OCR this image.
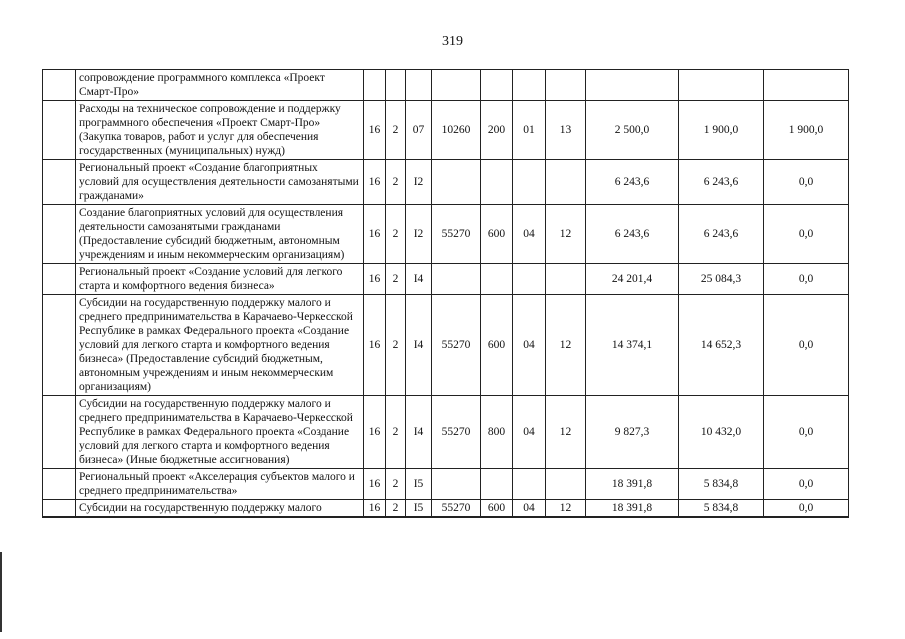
319
	сопровождение программного комплекса «Проект Смарт-Про»										
	Расходы на техническое сопровождение и поддержку программного обеспечения «Проект Смарт-Про» (Закупка товаров, работ и услуг для обеспечения государственных (муниципальных) нужд)	16	2	07	10260	200	01	13	2 500,0	1 900,0	1 900,0
	Региональный проект «Создание благоприятных условий для осуществления деятельности самозанятыми гражданами»	16	2	I2					6 243,6	6 243,6	0,0
	Создание благоприятных условий для осуществления деятельности самозанятыми гражданами (Предоставление субсидий бюджетным, автономным учреждениям и иным некоммерческим организациям)	16	2	I2	55270	600	04	12	6 243,6	6 243,6	0,0
	Региональный проект «Создание условий для легкого старта и комфортного ведения бизнеса»	16	2	I4					24 201,4	25 084,3	0,0
	Субсидии на государственную поддержку малого и среднего предпринимательства в Карачаево-Черкесской Республике в рамках Федерального проекта «Создание условий для легкого старта и комфортного ведения бизнеса» (Предоставление субсидий бюджетным, автономным учреждениям и иным некоммерческим организациям)	16	2	I4	55270	600	04	12	14 374,1	14 652,3	0,0
	Субсидии на государственную поддержку малого и среднего предпринимательства в Карачаево-Черкесской Республике в рамках Федерального проекта «Создание условий для легкого старта и комфортного ведения бизнеса» (Иные бюджетные ассигнования)	16	2	I4	55270	800	04	12	9 827,3	10 432,0	0,0
	Региональный проект «Акселерация субъектов малого и среднего предпринимательства»	16	2	I5					18 391,8	5 834,8	0,0
	Субсидии на государственную поддержку малого	16	2	I5	55270	600	04	12	18 391,8	5 834,8	0,0
